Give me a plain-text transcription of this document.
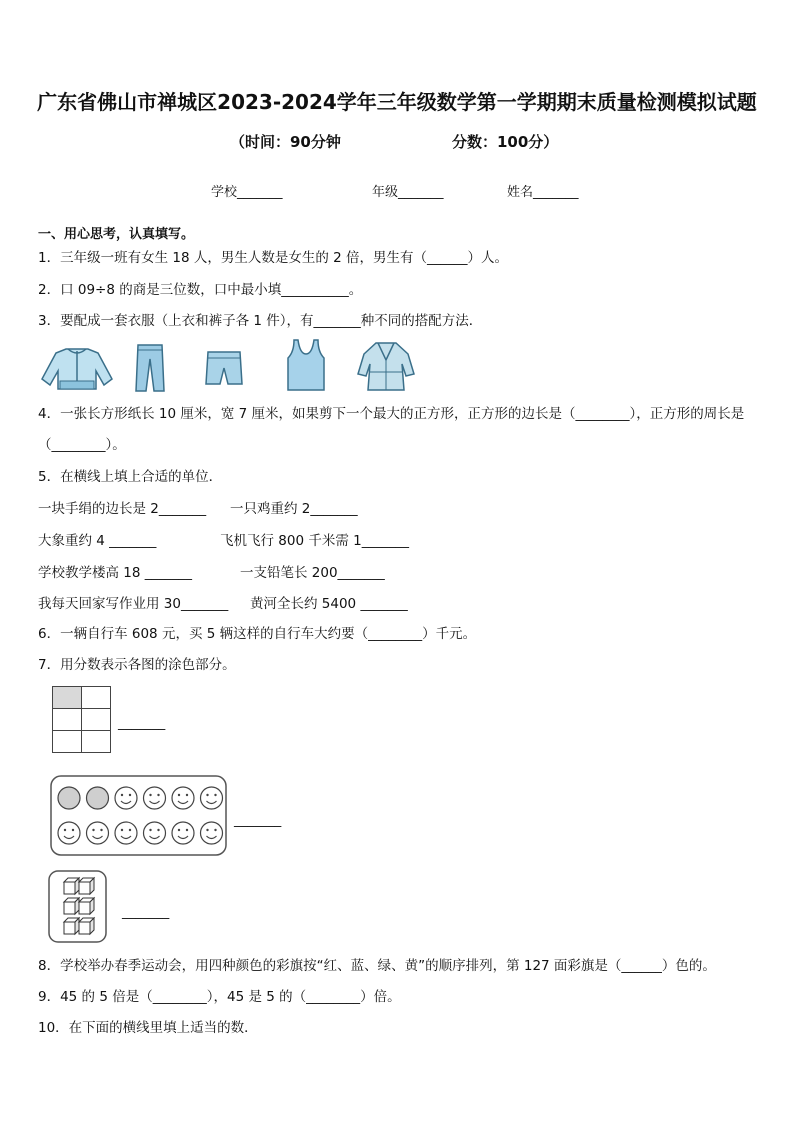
广东省佛山市禅城区2023-2024学年三年级数学第一学期期末质量检测模拟试题
（时间：90分钟	分数：100分）
学校_______	年级_______	姓名_______
一、用心思考，认真填写。
1．三年级一班有女生 18 人，男生人数是女生的 2 倍，男生有（______）人。
2．口 09÷8 的商是三位数，口中最小填__________。
3．要配成一套衣服（上衣和裤子各 1 件），有_______种不同的搭配方法．
4．一张长方形纸长 10 厘米，宽 7 厘米，如果剪下一个最大的正方形，正方形的边长是（________），正方形的周长是
（________）。
5．在横线上填上合适的单位．
一块手绢的边长是 2_______ 一只鸡重约 2_______
大象重约 4 _______	飞机飞行 800 千米需 1_______
学校教学楼高 18 _______	一支铅笔长 200_______
我每天回家写作业用 30_______ 黄河全长约 5400 _______
6．一辆自行车 608 元，买 5 辆这样的自行车大约要（________）千元。
7．用分数表示各图的涂色部分。
_______
_______
_______
8．学校举办春季运动会，用四种颜色的彩旗按“红、蓝、绿、黄”的顺序排列，第 127 面彩旗是（______）色的。
9．45 的 5 倍是（________），45 是 5 的（________）倍。
10．在下面的横线里填上适当的数．
